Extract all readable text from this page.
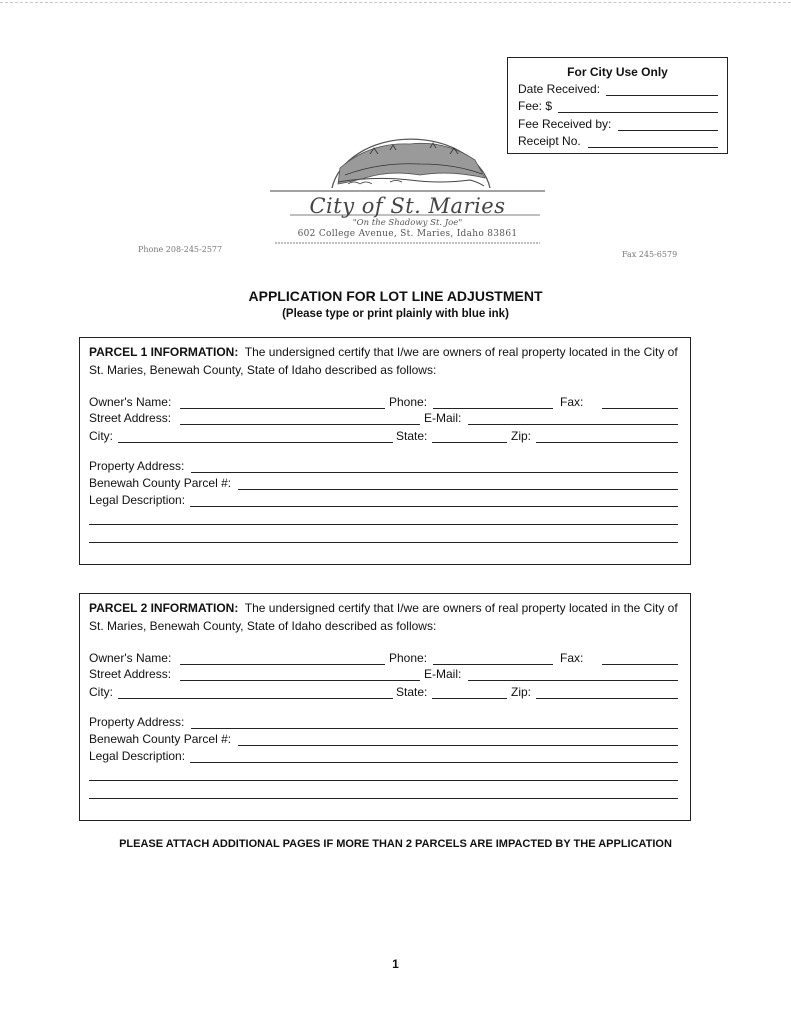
For City Use Only
Date Received:
Fee: $
Fee Received by:
Receipt No.
City of St. Maries
"On the Shadowy St. Joe"
602 College Avenue, St. Maries, Idaho 83861
Phone 208-245-2577
Fax 245-6579
APPLICATION FOR LOT LINE ADJUSTMENT
(Please type or print plainly with blue ink)
PARCEL 1 INFORMATION: The undersigned certify that I/we are owners of real property located in the City of St. Maries, Benewah County, State of Idaho described as follows:
Owner's Name:	Phone:	Fax:
Street Address:	E-Mail:
City:	State:	Zip:
Property Address:
Benewah County Parcel #:
Legal Description:
PARCEL 2 INFORMATION: The undersigned certify that I/we are owners of real property located in the City of St. Maries, Benewah County, State of Idaho described as follows:
Owner's Name:	Phone:	Fax:
Street Address:	E-Mail:
City:	State:	Zip:
Property Address:
Benewah County Parcel #:
Legal Description:
PLEASE ATTACH ADDITIONAL PAGES IF MORE THAN 2 PARCELS ARE IMPACTED BY THE APPLICATION
1
